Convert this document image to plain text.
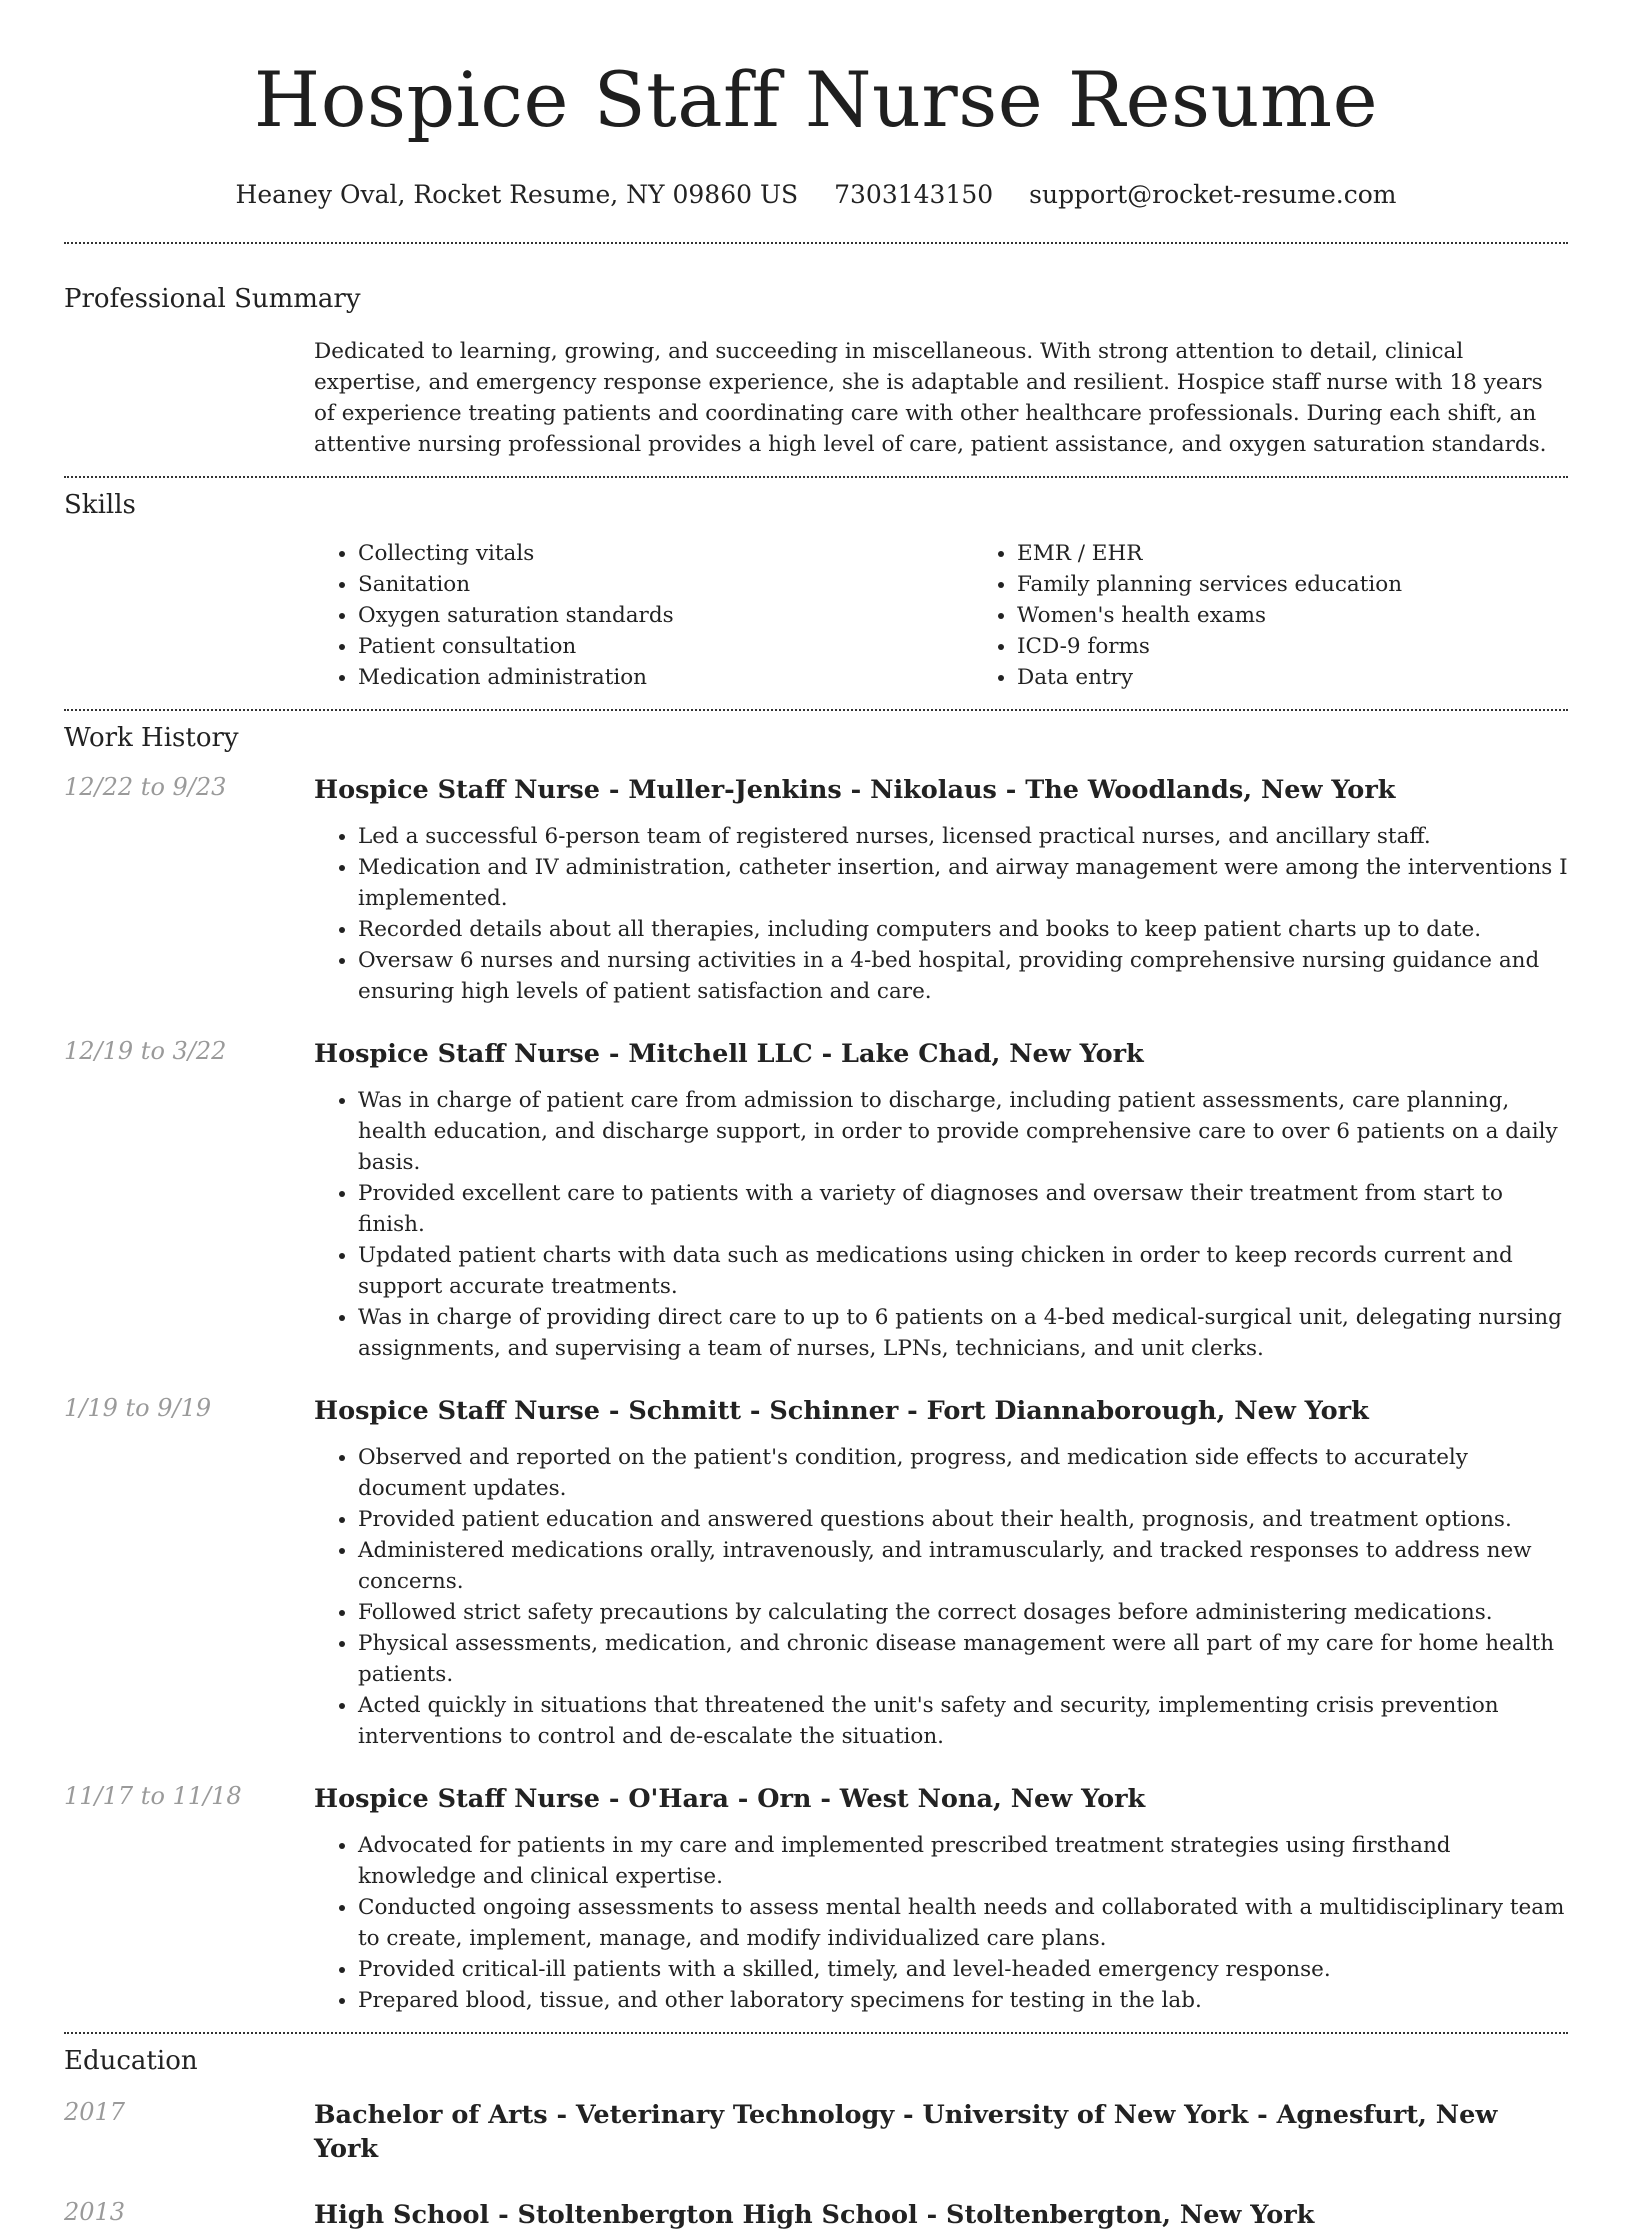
Hospice Staff Nurse Resume
Heaney Oval, Rocket Resume, NY 09860 US 7303143150 support@rocket-resume.com
Professional Summary

Dedicated to learning, growing, and succeeding in miscellaneous. With strong attention to detail, clinical expertise, and emergency response experience, she is adaptable and resilient. Hospice staff nurse with 18 years of experience treating patients and coordinating care with other healthcare professionals. During each shift, an attentive nursing professional provides a high level of care, patient assistance, and oxygen saturation standards.

Skills
• Collecting vitals
• Sanitation
• Oxygen saturation standards
• Patient consultation
• Medication administration
• EMR / EHR
• Family planning services education
• Women's health exams
• ICD-9 forms
• Data entry
Work History
12/22 to 9/23	Hospice Staff Nurse - Muller-Jenkins - Nikolaus - The Woodlands, New York
• Led a successful 6-person team of registered nurses, licensed practical nurses, and ancillary staff.
• Medication and IV administration, catheter insertion, and airway management were among the interventions I implemented.
• Recorded details about all therapies, including computers and books to keep patient charts up to date.
• Oversaw 6 nurses and nursing activities in a 4-bed hospital, providing comprehensive nursing guidance and ensuring high levels of patient satisfaction and care.
12/19 to 3/22	Hospice Staff Nurse - Mitchell LLC - Lake Chad, New York
• Was in charge of patient care from admission to discharge, including patient assessments, care planning, health education, and discharge support, in order to provide comprehensive care to over 6 patients on a daily basis.
• Provided excellent care to patients with a variety of diagnoses and oversaw their treatment from start to finish.
• Updated patient charts with data such as medications using chicken in order to keep records current and support accurate treatments.
• Was in charge of providing direct care to up to 6 patients on a 4-bed medical-surgical unit, delegating nursing assignments, and supervising a team of nurses, LPNs, technicians, and unit clerks.
1/19 to 9/19	Hospice Staff Nurse - Schmitt - Schinner - Fort Diannaborough, New York
• Observed and reported on the patient's condition, progress, and medication side effects to accurately document updates.
• Provided patient education and answered questions about their health, prognosis, and treatment options.
• Administered medications orally, intravenously, and intramuscularly, and tracked responses to address new concerns.
• Followed strict safety precautions by calculating the correct dosages before administering medications.
• Physical assessments, medication, and chronic disease management were all part of my care for home health patients.
• Acted quickly in situations that threatened the unit's safety and security, implementing crisis prevention interventions to control and de-escalate the situation.
11/17 to 11/18	Hospice Staff Nurse - O'Hara - Orn - West Nona, New York
• Advocated for patients in my care and implemented prescribed treatment strategies using firsthand knowledge and clinical expertise.
• Conducted ongoing assessments to assess mental health needs and collaborated with a multidisciplinary team to create, implement, manage, and modify individualized care plans.
• Provided critical-ill patients with a skilled, timely, and level-headed emergency response.
• Prepared blood, tissue, and other laboratory specimens for testing in the lab.
Education
2017	Bachelor of Arts - Veterinary Technology - University of New York - Agnesfurt, New York
2013	High School - Stoltenbergton High School - Stoltenbergton, New York
